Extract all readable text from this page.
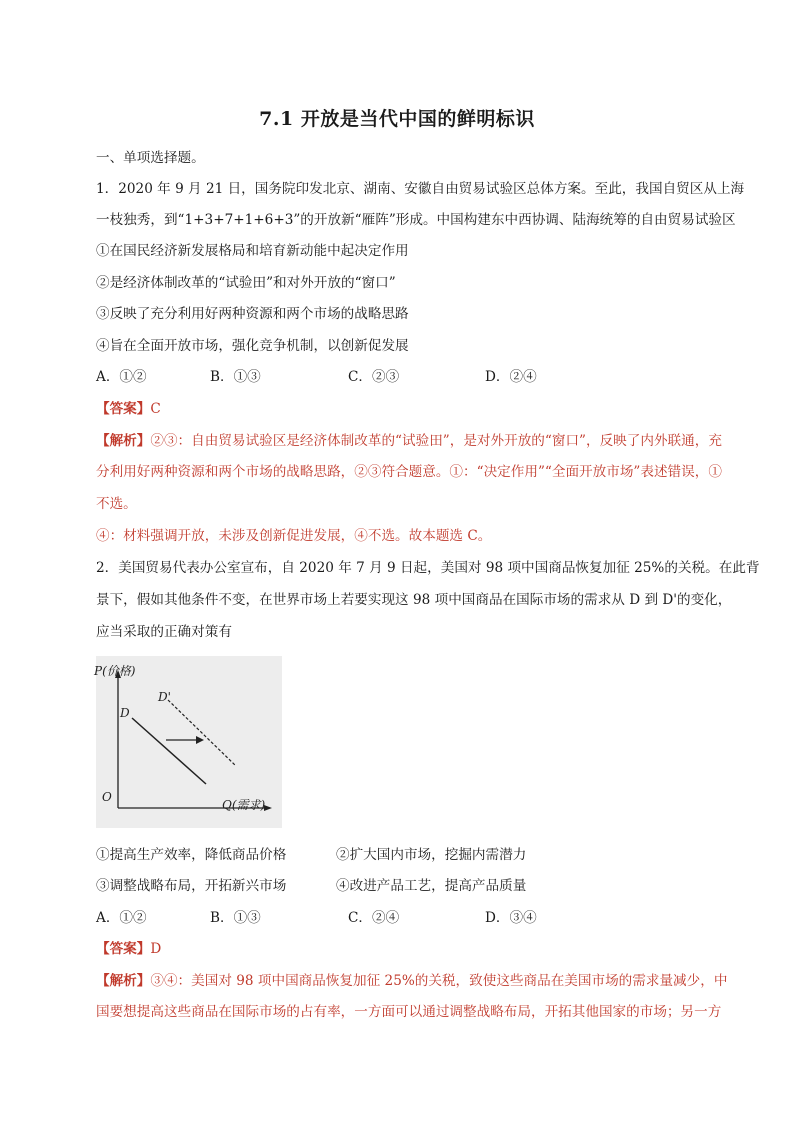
7.1 开放是当代中国的鲜明标识
一、单项选择题。
1．2020 年 9 月 21 日，国务院印发北京、湖南、安徽自由贸易试验区总体方案。至此，我国自贸区从上海
一枝独秀，到“1+3+7+1+6+3”的开放新“雁阵”形成。中国构建东中西协调、陆海统筹的自由贸易试验区
①在国民经济新发展格局和培育新动能中起决定作用
②是经济体制改革的“试验田”和对外开放的“窗口”
③反映了充分利用好两种资源和两个市场的战略思路
④旨在全面开放市场，强化竞争机制，以创新促发展
A．①②	B．①③	C．②③	D．②④
【答案】C
【解析】②③：自由贸易试验区是经济体制改革的“试验田”，是对外开放的“窗口”，反映了内外联通，充
分利用好两种资源和两个市场的战略思路，②③符合题意。①：“决定作用”“全面开放市场”表述错误，①
不选。
④：材料强调开放，未涉及创新促进发展，④不选。故本题选 C。
2．美国贸易代表办公室宣布，自 2020 年 7 月 9 日起，美国对 98 项中国商品恢复加征 25%的关税。在此背
景下，假如其他条件不变，在世界市场上若要实现这 98 项中国商品在国际市场的需求从 D 到 D'的变化，
应当采取的正确对策有
P(价格)
Q(需求)
O
D
D'
①提高生产效率，降低商品价格	②扩大国内市场，挖掘内需潜力
③调整战略布局，开拓新兴市场	④改进产品工艺，提高产品质量
A．①②	B．①③	C．②④	D．③④
【答案】D
【解析】③④：美国对 98 项中国商品恢复加征 25%的关税，致使这些商品在美国市场的需求量减少，中
国要想提高这些商品在国际市场的占有率，一方面可以通过调整战略布局，开拓其他国家的市场；另一方
